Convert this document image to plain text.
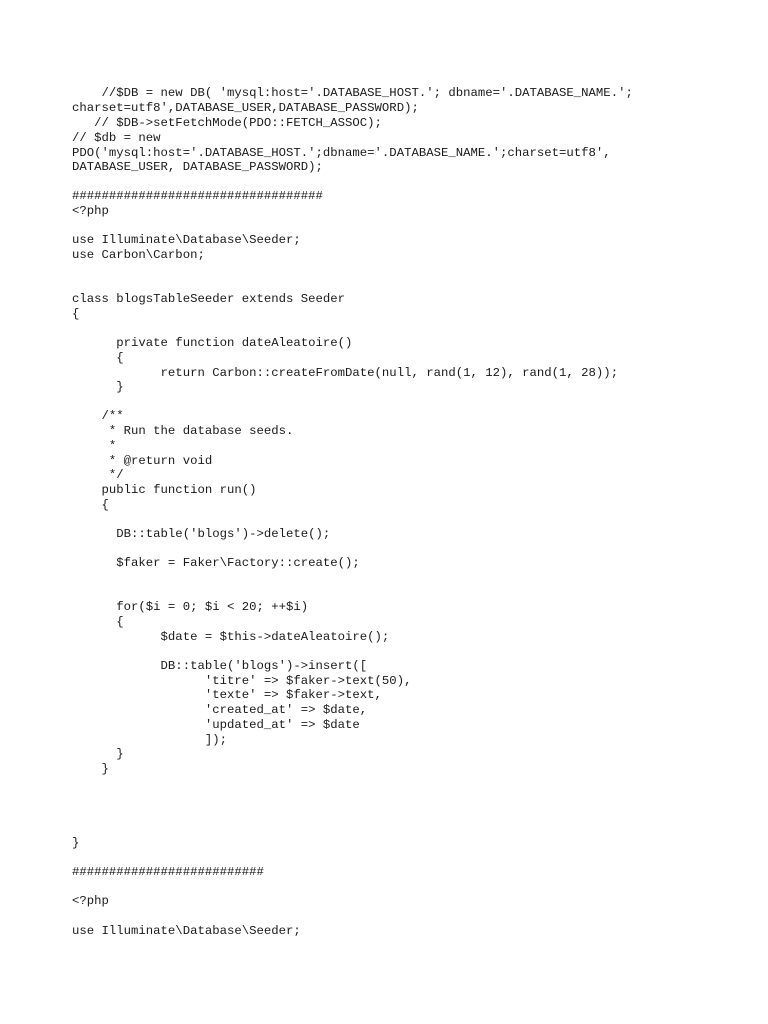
//$DB = new DB( 'mysql:host='.DATABASE_HOST.'; dbname='.DATABASE_NAME.';
charset=utf8',DATABASE_USER,DATABASE_PASSWORD);
// $DB->setFetchMode(PDO::FETCH_ASSOC);
// $db = new
PDO('mysql:host='.DATABASE_HOST.';dbname='.DATABASE_NAME.';charset=utf8',
DATABASE_USER, DATABASE_PASSWORD);
##################################
<?php
use Illuminate\Database\Seeder;
use Carbon\Carbon;
class blogsTableSeeder extends Seeder
{
private function dateAleatoire()
{
return Carbon::createFromDate(null, rand(1, 12), rand(1, 28));
}
/**
* Run the database seeds.
*
* @return void
*/
public function run()
{
DB::table('blogs')->delete();
$faker = Faker\Factory::create();
for($i = 0; $i < 20; ++$i)
{
$date = $this->dateAleatoire();
DB::table('blogs')->insert([
'titre' => $faker->text(50),
'texte' => $faker->text,
'created_at' => $date,
'updated_at' => $date
]);
}
}
}
##########################
<?php
use Illuminate\Database\Seeder;
